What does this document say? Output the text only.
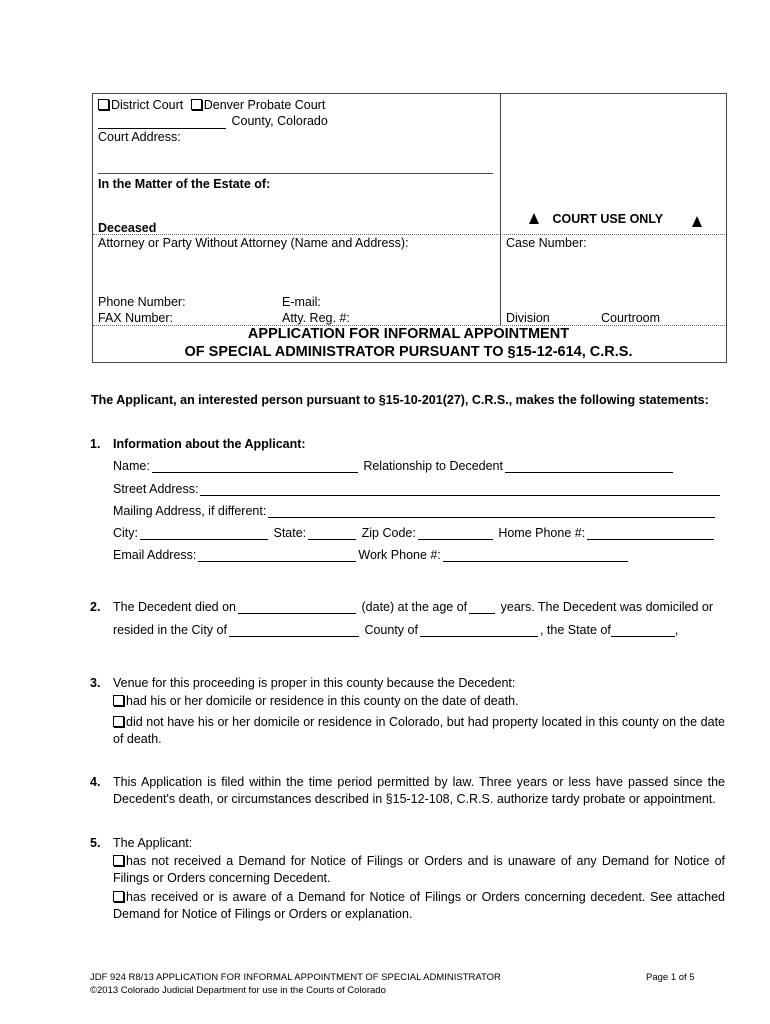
District Court Denver Probate Court
County, Colorado
Court Address:
In the Matter of the Estate of:
Deceased
Attorney or Party Without Attorney (Name and Address):
Phone Number:	E-mail:
FAX Number:	Atty. Reg. #:
COURT USE ONLY
Case Number:
Division	Courtroom
APPLICATION FOR INFORMAL APPOINTMENT
OF SPECIAL ADMINISTRATOR PURSUANT TO §15-12-614, C.R.S.
The Applicant, an interested person pursuant to §15-10-201(27), C.R.S., makes the following statements:
1. Information about the Applicant:
Name:	Relationship to Decedent
Street Address:
Mailing Address, if different:
City:	State:	Zip Code:	Home Phone #:
Email Address:	Work Phone #:
2. The Decedent died on	(date) at the age of	years. The Decedent was domiciled or
resided in the City of	County of	, the State of	,
3. Venue for this proceeding is proper in this county because the Decedent:
had his or her domicile or residence in this county on the date of death.
did not have his or her domicile or residence in Colorado, but had property located in this county on the date of death.
4. This Application is filed within the time period permitted by law. Three years or less have passed since the Decedent's death, or circumstances described in §15-12-108, C.R.S. authorize tardy probate or appointment.
5. The Applicant:
has not received a Demand for Notice of Filings or Orders and is unaware of any Demand for Notice of Filings or Orders concerning Decedent.
has received or is aware of a Demand for Notice of Filings or Orders concerning decedent. See attached Demand for Notice of Filings or Orders or explanation.
JDF 924 R8/13 APPLICATION FOR INFORMAL APPOINTMENT OF SPECIAL ADMINISTRATOR	Page 1 of 5
©2013 Colorado Judicial Department for use in the Courts of Colorado
